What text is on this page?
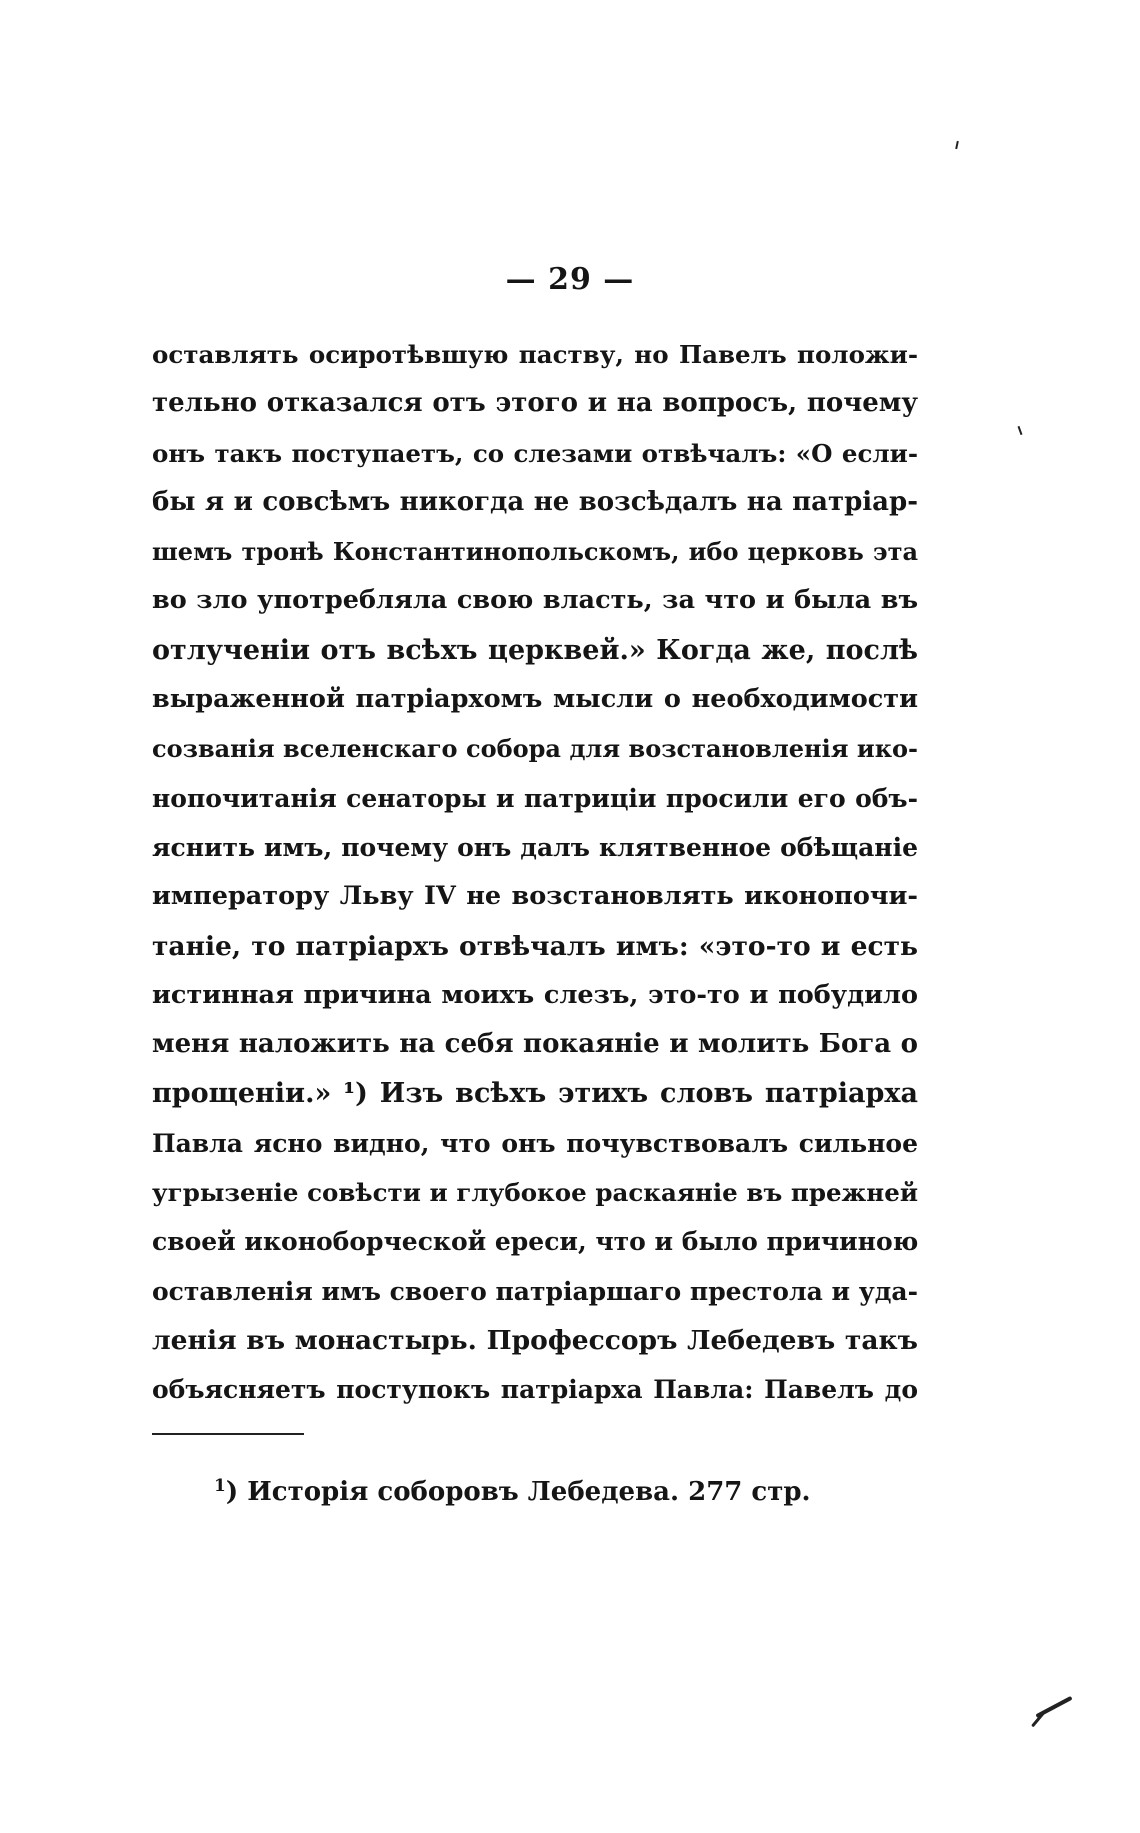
— 29 —
оставлять осиротѣвшую паству, но Павелъ положи-
тельно отказался отъ этого и на вопросъ, почему
онъ такъ поступаетъ, со слезами отвѣчалъ: «О если-
бы я и совсѣмъ никогда не возсѣдалъ на патріар-
шемъ тронѣ Константинопольскомъ, ибо церковь эта
во зло употребляла свою власть, за что и была въ
отлученіи отъ всѣхъ церквей.» Когда же, послѣ
выраженной патріархомъ мысли о необходимости
созванія вселенскаго собора для возстановленія ико-
нопочитанія сенаторы и патриціи просили его объ-
яснить имъ, почему онъ далъ клятвенное обѣщаніе
императору Льву IV не возстановлять иконопочи-
таніе, то патріархъ отвѣчалъ имъ: «это-то и есть
истинная причина моихъ слезъ, это-то и побудило
меня наложить на себя покаяніе и молить Бога о
прощеніи.» ¹) Изъ всѣхъ этихъ словъ патріарха
Павла ясно видно, что онъ почувствовалъ сильное
угрызеніе совѣсти и глубокое раскаяніе въ прежней
своей иконоборческой ереси, что и было причиною
оставленія имъ своего патріаршаго престола и уда-
ленія въ монастырь. Профессоръ Лебедевъ такъ
объясняетъ поступокъ патріарха Павла: Павелъ до
$^1$) Исторія соборовъ Лебедева. 277 стр.
